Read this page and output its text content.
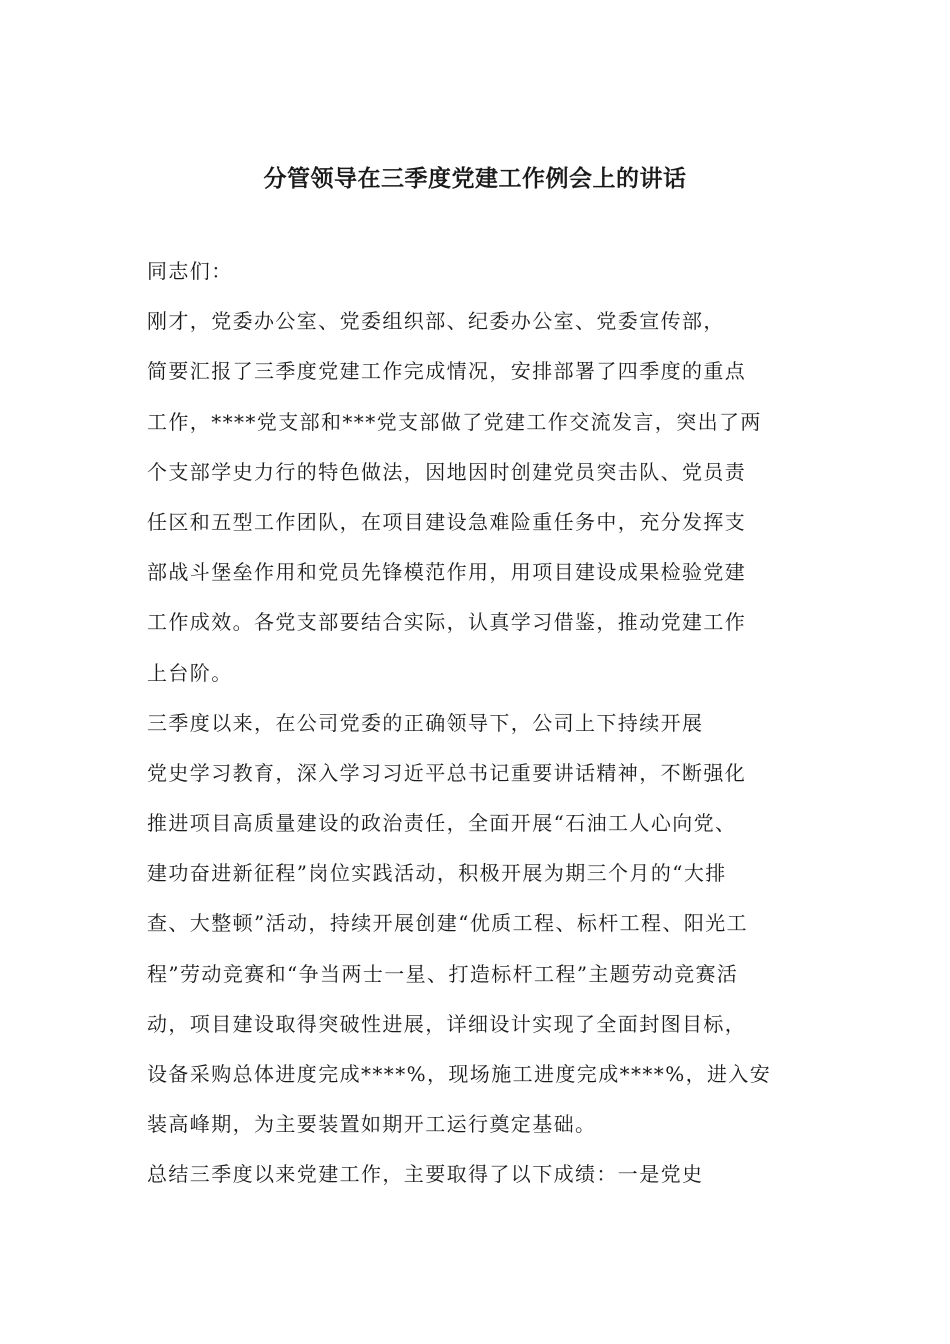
分管领导在三季度党建工作例会上的讲话
同志们：
刚才，党委办公室、党委组织部、纪委办公室、党委宣传部，
简要汇报了三季度党建工作完成情况，安排部署了四季度的重点
工作，****党支部和***党支部做了党建工作交流发言，突出了两
个支部学史力行的特色做法，因地因时创建党员突击队、党员责
任区和五型工作团队，在项目建设急难险重任务中，充分发挥支
部战斗堡垒作用和党员先锋模范作用，用项目建设成果检验党建
工作成效。各党支部要结合实际，认真学习借鉴，推动党建工作
上台阶。
三季度以来，在公司党委的正确领导下，公司上下持续开展
党史学习教育，深入学习习近平总书记重要讲话精神，不断强化
推进项目高质量建设的政治责任，全面开展“石油工人心向党、
建功奋进新征程”岗位实践活动，积极开展为期三个月的“大排
查、大整顿”活动，持续开展创建“优质工程、标杆工程、阳光工
程”劳动竞赛和“争当两士一星、打造标杆工程”主题劳动竞赛活
动，项目建设取得突破性进展，详细设计实现了全面封图目标，
设备采购总体进度完成****%，现场施工进度完成****%，进入安
装高峰期，为主要装置如期开工运行奠定基础。
总结三季度以来党建工作，主要取得了以下成绩：一是党史
